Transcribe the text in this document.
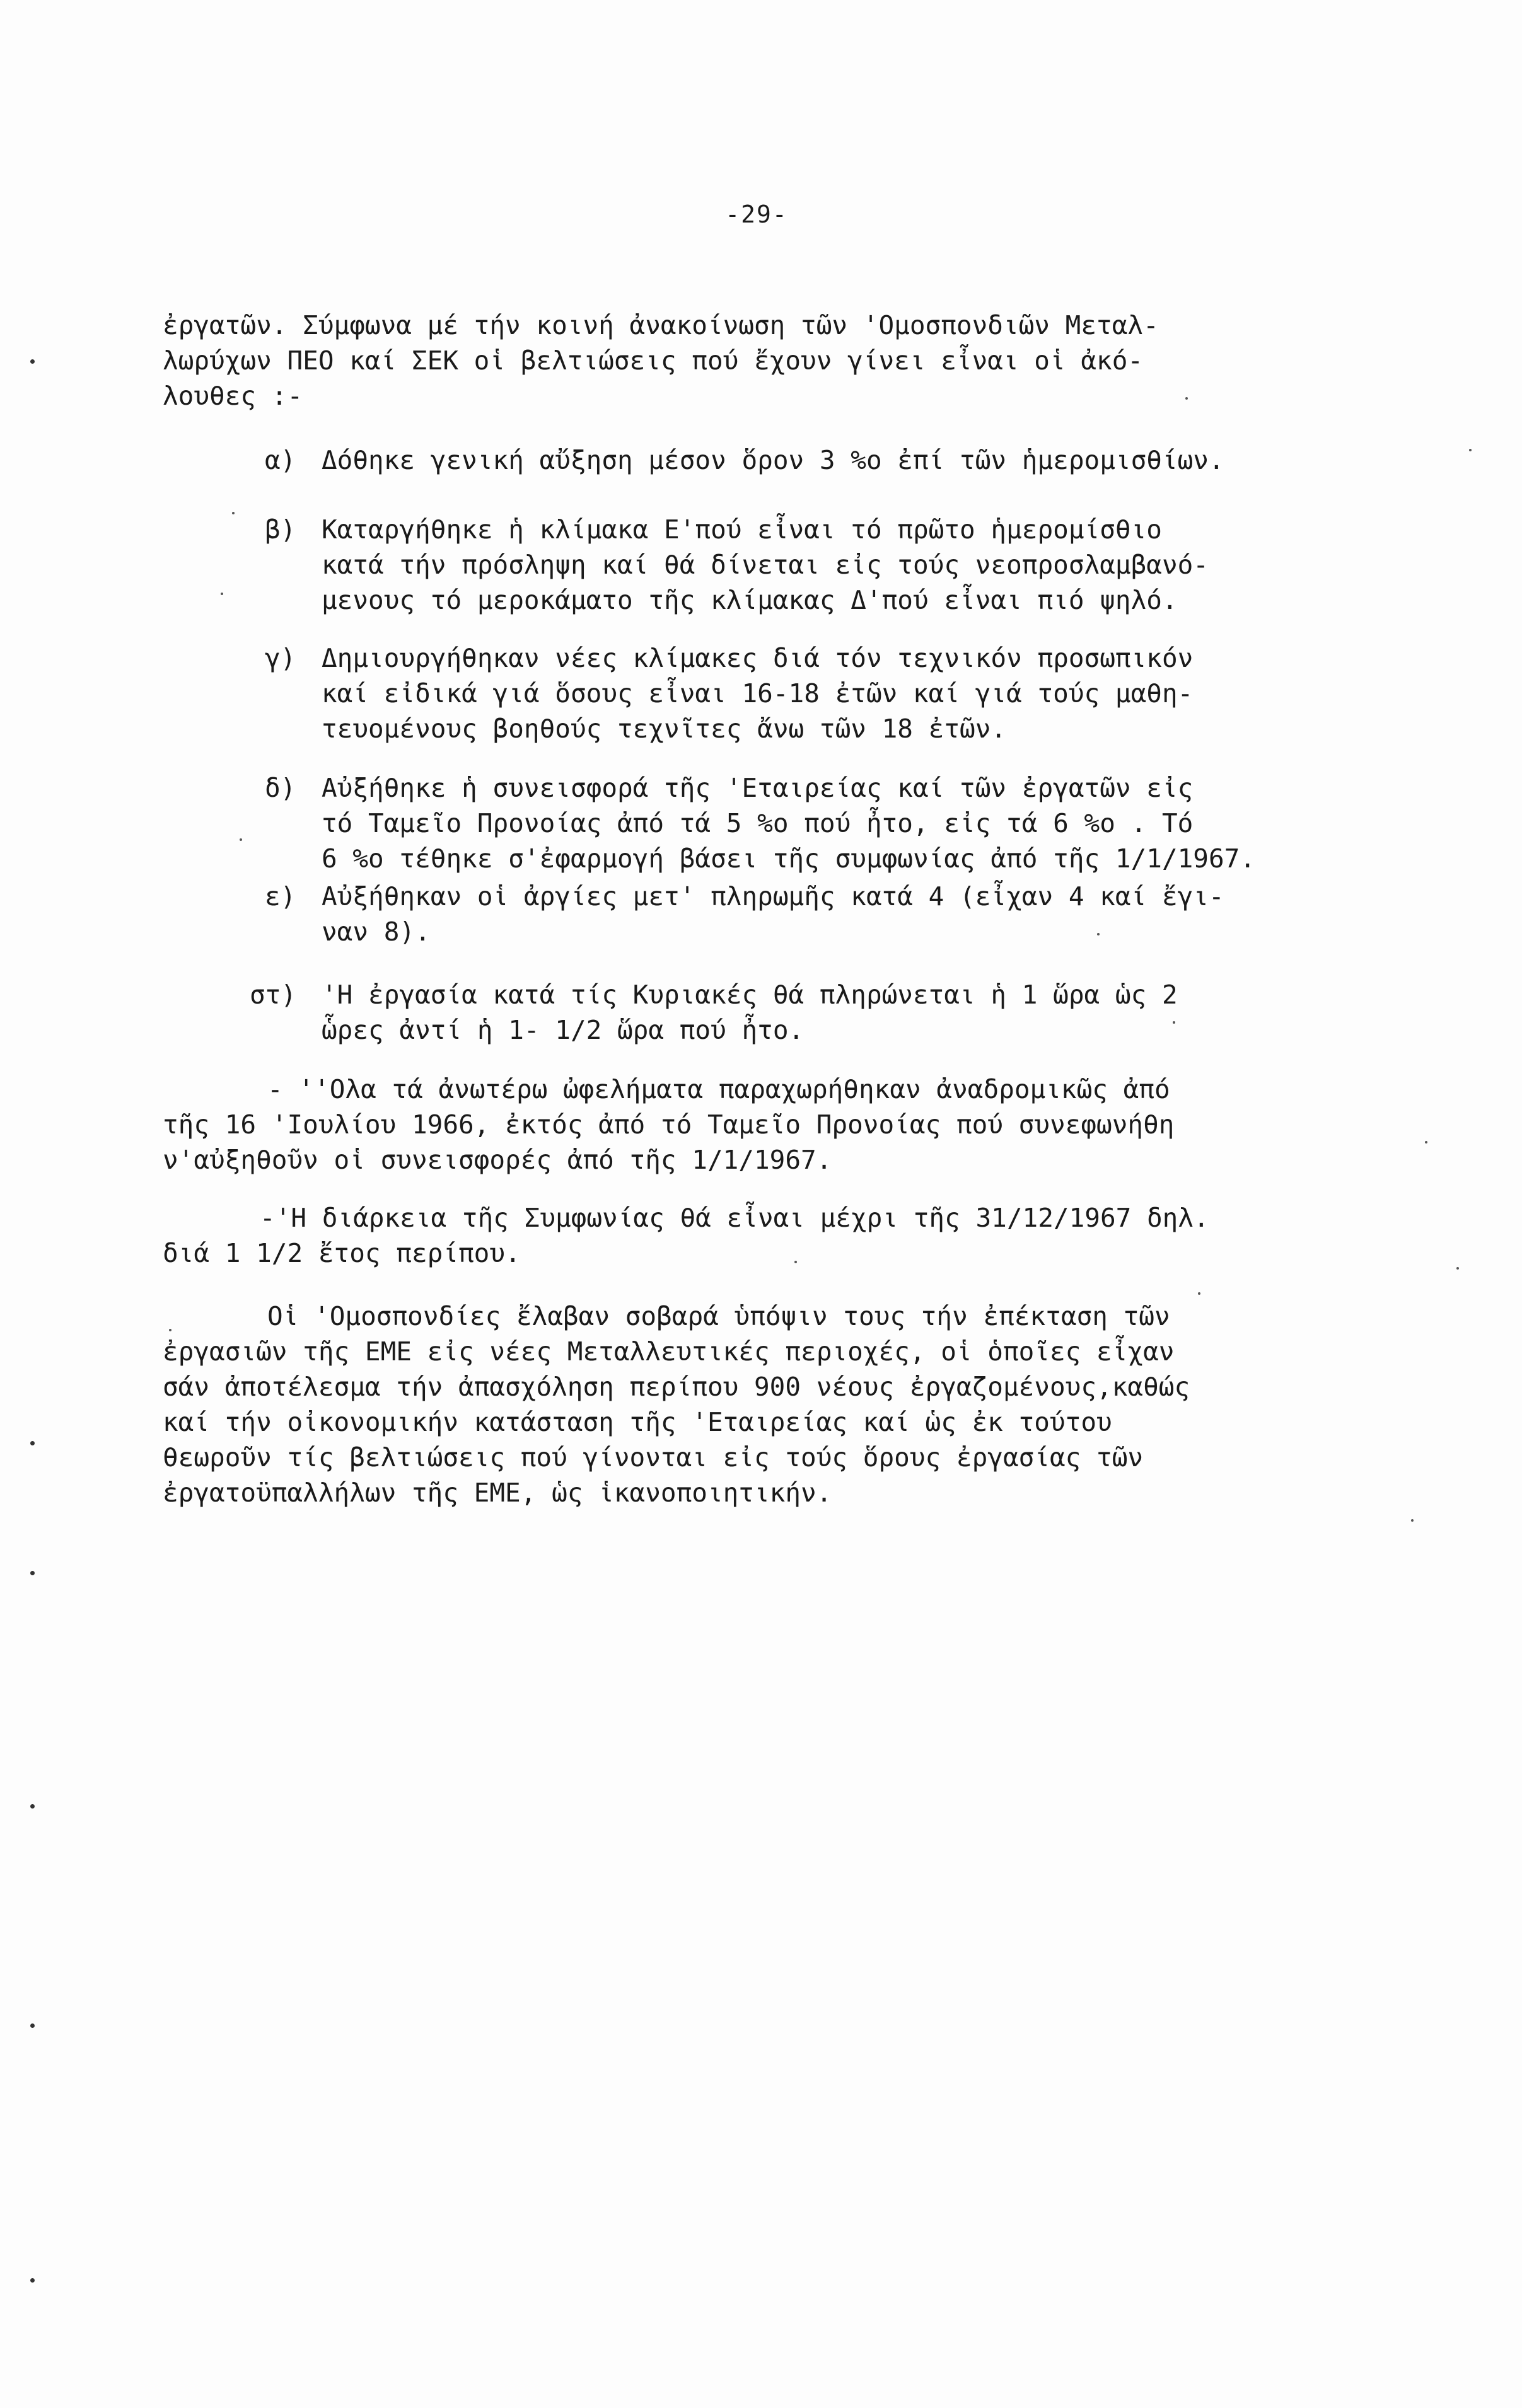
-29-
ἐργατῶν. Σύμφωνα μέ τήν κοινή ἀνακοίνωση τῶν 'Ομοσπονδιῶν Μεταλ-
λωρύχων ΠΕΟ καί ΣΕΚ οἱ βελτιώσεις πού ἔχουν γίνει εἶναι οἱ ἀκό-
λουθες :-
α) Δόθηκε γενική αὔξηση μέσον ὅρον 3 %ο ἐπί τῶν ἡμερομισθίων.
β) Καταργήθηκε ἡ κλίμακα Ε'πού εἶναι τό πρῶτο ἡμερομίσθιο
κατά τήν πρόσληψη καί θά δίνεται εἰς τούς νεοπροσλαμβανό-
μενους τό μεροκάματο τῆς κλίμακας Δ'πού εἶναι πιό ψηλό.
γ) Δημιουργήθηκαν νέες κλίμακες διά τόν τεχνικόν προσωπικόν
καί εἰδικά γιά ὅσους εἶναι 16-18 ἐτῶν καί γιά τούς μαθη-
τευομένους βοηθούς τεχνῖτες ἄνω τῶν 18 ἐτῶν.
δ) Αὐξήθηκε ἡ συνεισφορά τῆς 'Εταιρείας καί τῶν ἐργατῶν εἰς
τό Ταμεῖο Προνοίας ἀπό τά 5 %ο πού ἦτο, εἰς τά 6 %ο . Τό
6 %ο τέθηκε σ'ἐφαρμογή βάσει τῆς συμφωνίας ἀπό τῆς 1/1/1967.
ε) Αὐξήθηκαν οἱ ἀργίες μετ' πληρωμῆς κατά 4 (εἶχαν 4 καί ἔγι-
ναν 8).
στ) 'Η ἐργασία κατά τίς Κυριακές θά πληρώνεται ἡ 1 ὥρα ὡς 2
ὧρες ἀντί ἡ 1- 1/2 ὥρα πού ἦτο.
- ''Ολα τά ἀνωτέρω ὠφελήματα παραχωρήθηκαν ἀναδρομικῶς ἀπό
τῆς 16 'Ιουλίου 1966, ἐκτός ἀπό τό Ταμεῖο Προνοίας πού συνεφωνήθη
ν'αὐξηθοῦν οἱ συνεισφορές ἀπό τῆς 1/1/1967.
-'Η διάρκεια τῆς Συμφωνίας θά εἶναι μέχρι τῆς 31/12/1967 δηλ.
διά 1 1/2 ἔτος περίπου.
Οἱ 'Ομοσπονδίες ἔλαβαν σοβαρά ὑπόψιν τους τήν ἐπέκταση τῶν
ἐργασιῶν τῆς ΕΜΕ εἰς νέες Μεταλλευτικές περιοχές, οἱ ὁποῖες εἶχαν
σάν ἀποτέλεσμα τήν ἀπασχόληση περίπου 900 νέους ἐργαζομένους,καθώς
καί τήν οἰκονομικήν κατάσταση τῆς 'Εταιρείας καί ὡς ἐκ τούτου
θεωροῦν τίς βελτιώσεις πού γίνονται εἰς τούς ὅρους ἐργασίας τῶν
ἐργατοϋπαλλήλων τῆς ΕΜΕ, ὡς ἱκανοποιητικήν.
